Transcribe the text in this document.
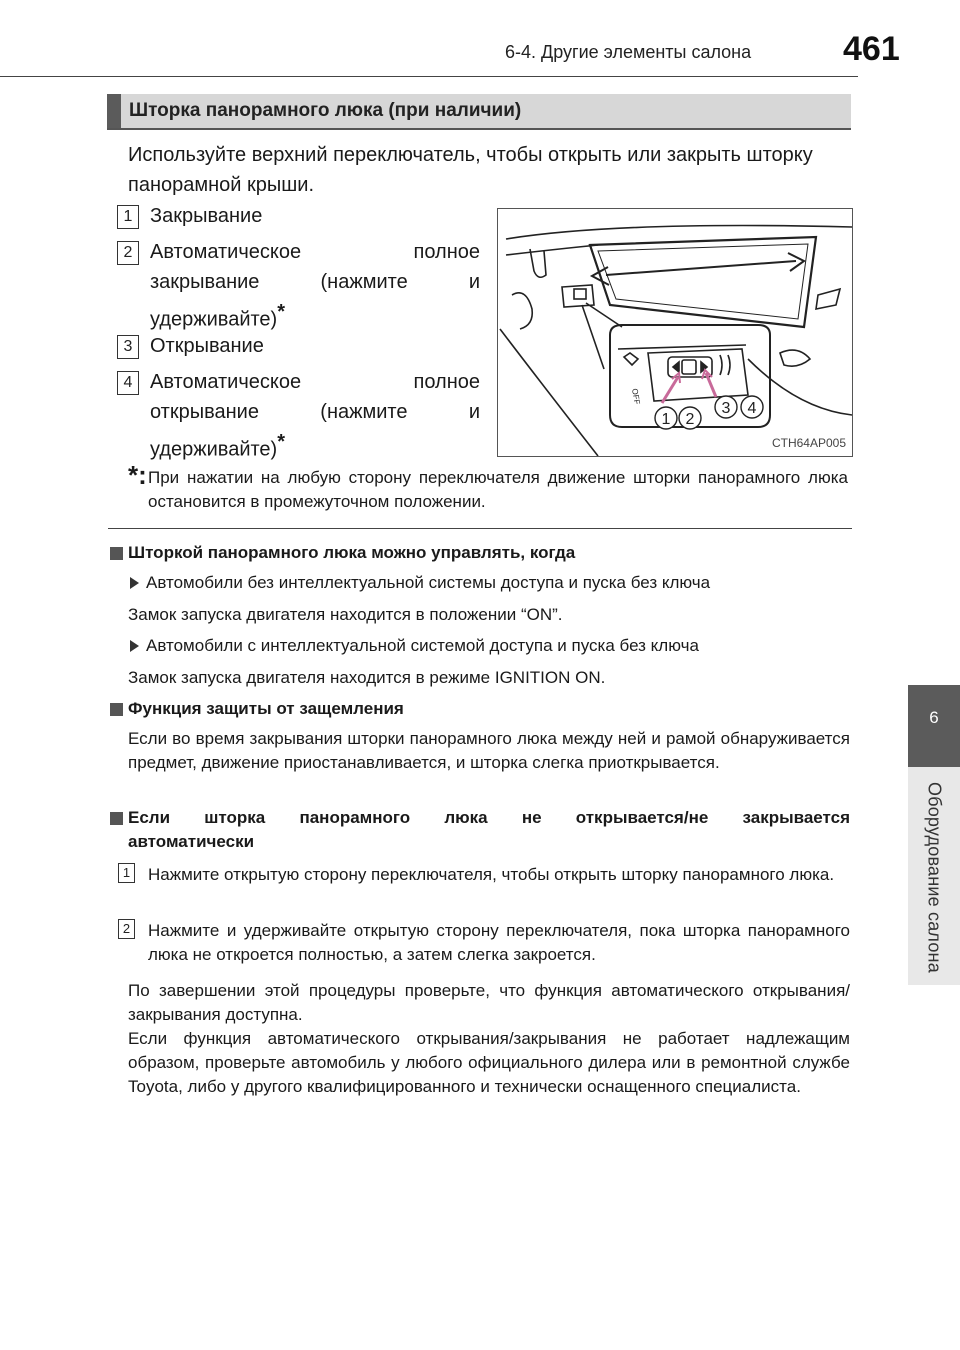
6-4. Другие элементы салона	461
6
Оборудование салона
Шторка панорамного люка (при наличии)
Используйте верхний переключатель, чтобы открыть или закрыть шторку панорамной крыши.
1 Закрывание
2 Автоматическое полное
закрывание (нажмите и
удерживайте)*
3 Открывание
4 Автоматическое полное
открывание (нажмите и
удерживайте)*
OFF
1 2
3 4
CTH64AP005
*: При нажатии на любую сторону переключателя движение шторки панорамного люка остановится в промежуточном положении.
Шторкой панорамного люка можно управлять, когда
Автомобили без интеллектуальной системы доступа и пуска без ключа
Замок запуска двигателя находится в положении “ON”.
Автомобили с интеллектуальной системой доступа и пуска без ключа
Замок запуска двигателя находится в режиме IGNITION ON.
Функция защиты от защемления
Если во время закрывания шторки панорамного люка между ней и рамой обнаруживается предмет, движение приостанавливается, и шторка слегка приоткрывается.
Если шторка панорамного люка не открывается/не закрывается
автоматически
1 Нажмите открытую сторону переключателя, чтобы открыть шторку панорамного люка.
2 Нажмите и удерживайте открытую сторону переключателя, пока шторка панорамного люка не откроется полностью, а затем слегка закроется.
По завершении этой процедуры проверьте, что функция автоматического открывания/закрывания доступна.
Если функция автоматического открывания/закрывания не работает надлежащим образом, проверьте автомобиль у любого официального дилера или в ремонтной службе Toyota, либо у другого квалифицированного и технически оснащенного специалиста.
